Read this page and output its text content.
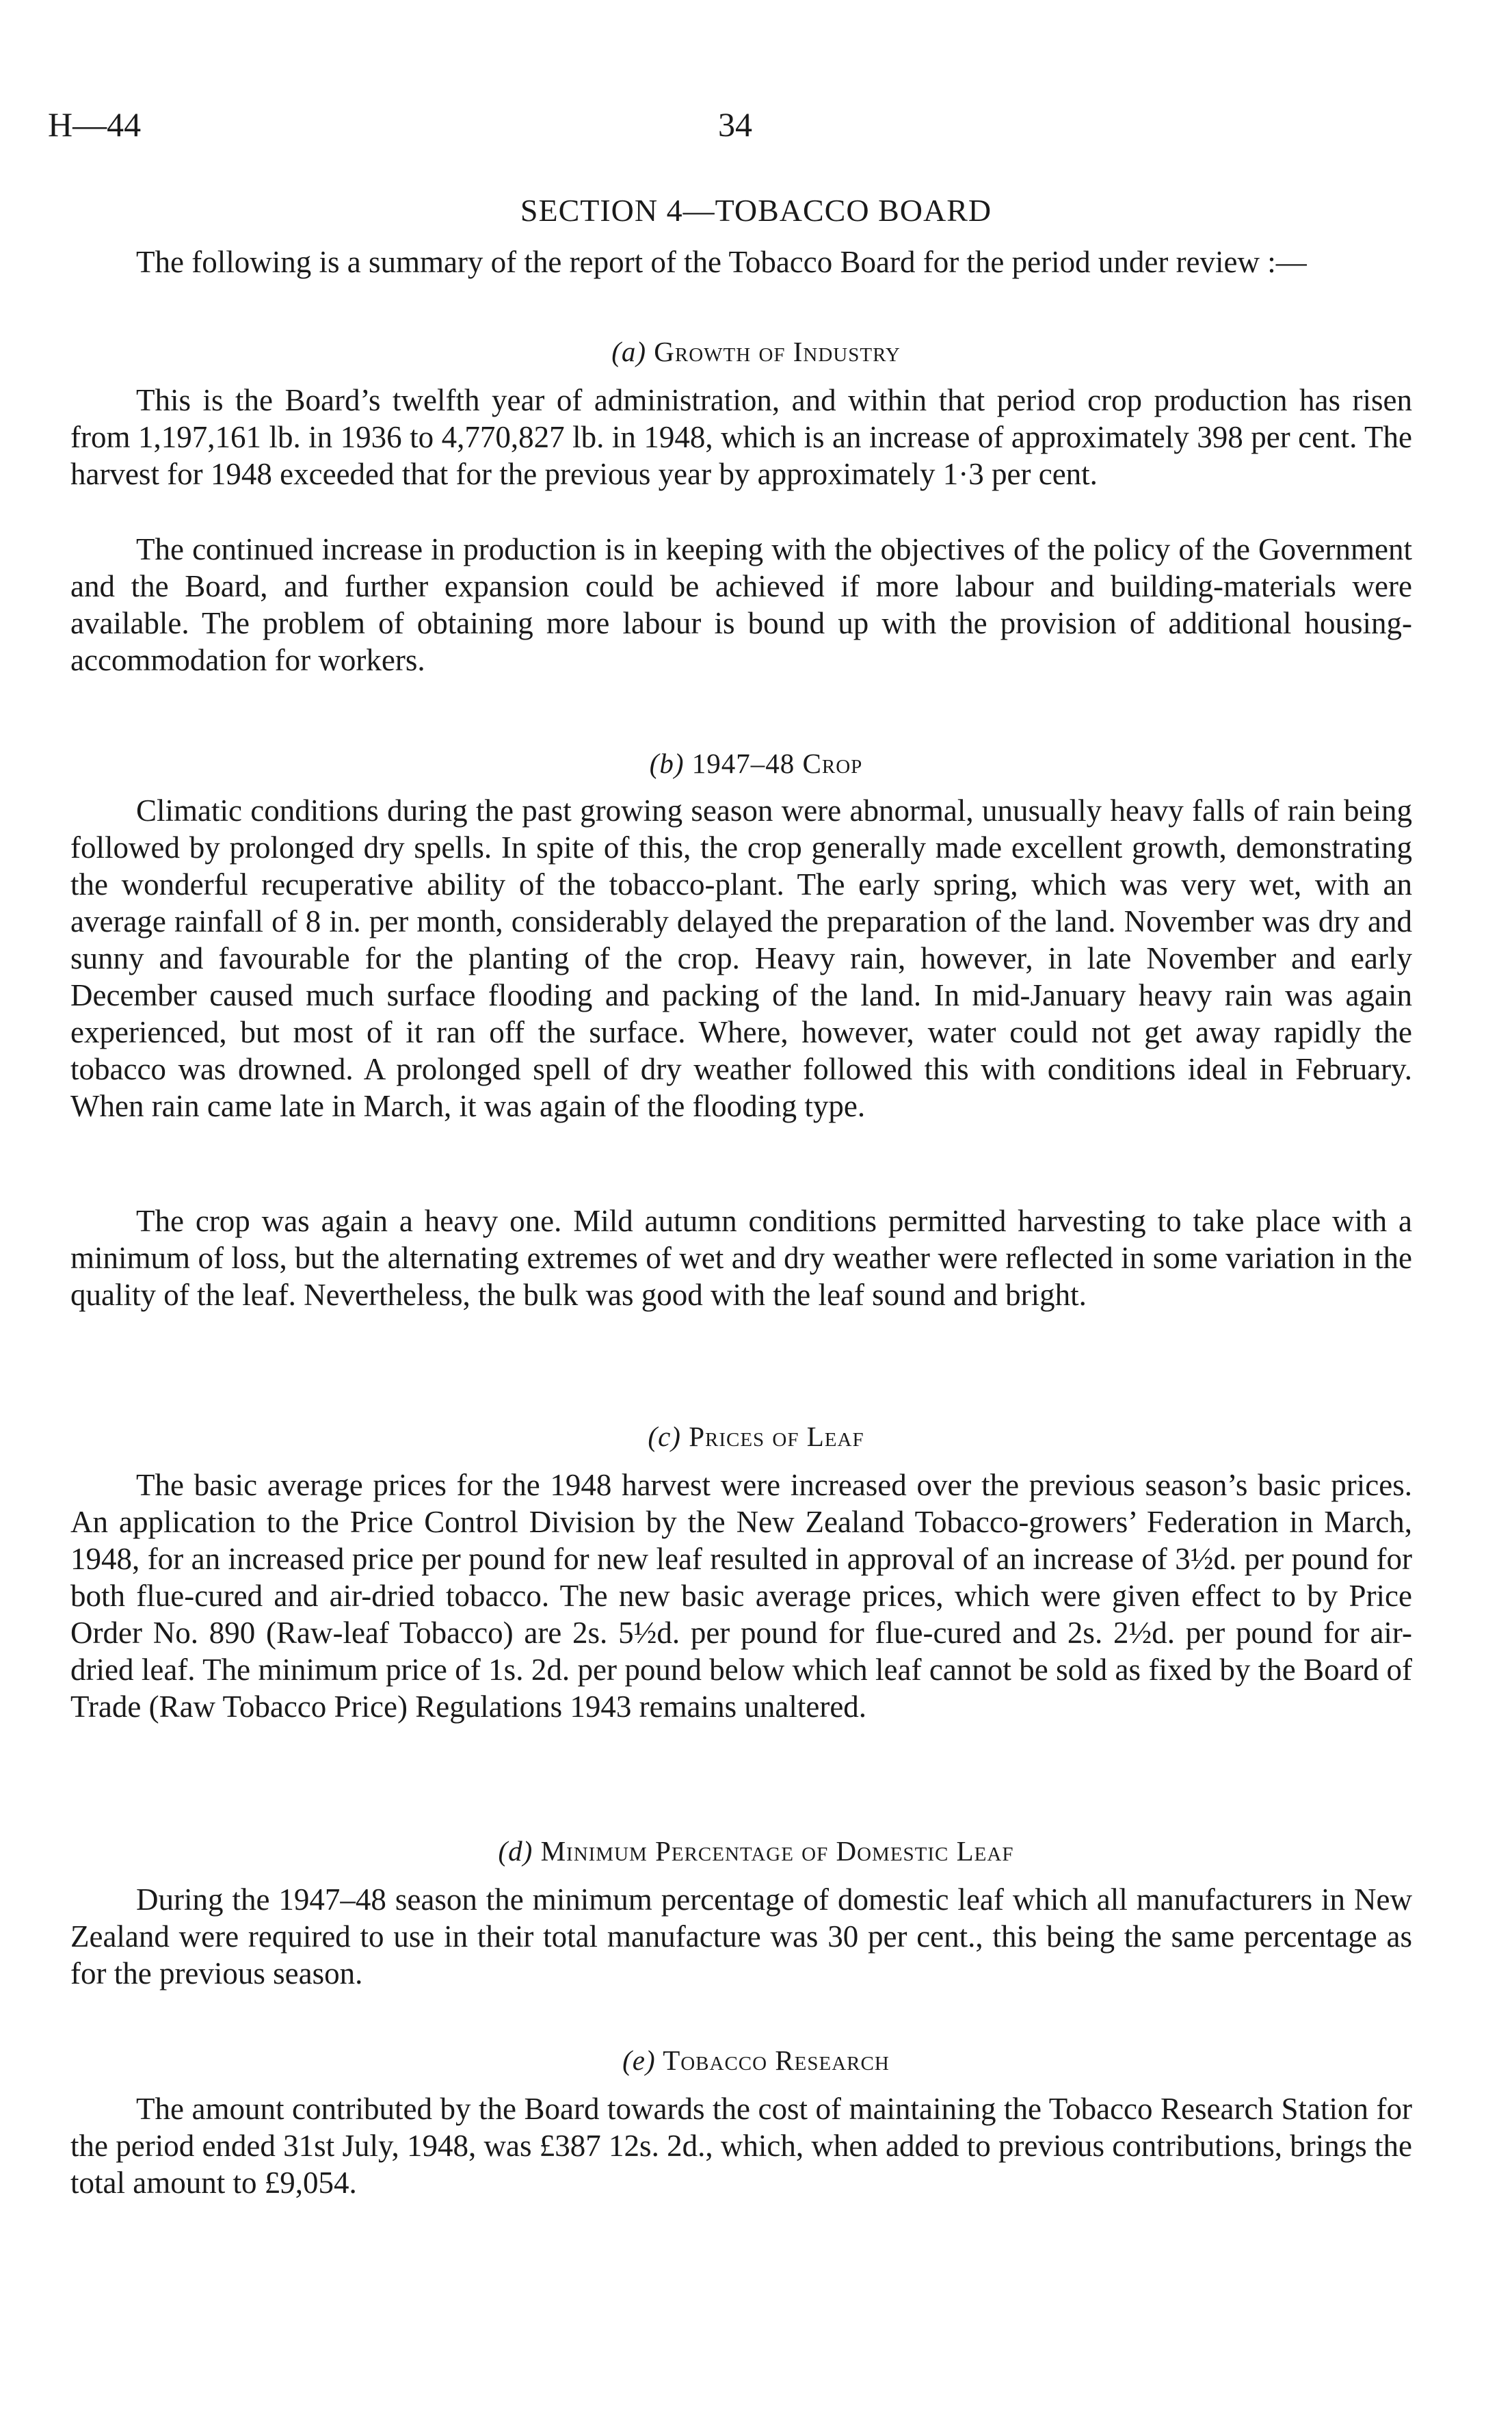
H—44	34
SECTION 4—TOBACCO BOARD

The following is a summary of the report of the Tobacco Board for the period under review :—

(a) Growth of Industry

This is the Board’s twelfth year of administration, and within that period crop production has risen from 1,197,161 lb. in 1936 to 4,770,827 lb. in 1948, which is an increase of approximately 398 per cent. The harvest for 1948 exceeded that for the previous year by approximately 1·3 per cent.

The continued increase in production is in keeping with the objectives of the policy of the Government and the Board, and further expansion could be achieved if more labour and building-materials were available. The problem of obtaining more labour is bound up with the provision of additional housing-accommodation for workers.

(b) 1947–48 Crop

Climatic conditions during the past growing season were abnormal, unusually heavy falls of rain being followed by prolonged dry spells. In spite of this, the crop generally made excellent growth, demonstrating the wonderful recuperative ability of the tobacco-plant. The early spring, which was very wet, with an average rainfall of 8 in. per month, considerably delayed the preparation of the land. November was dry and sunny and favourable for the planting of the crop. Heavy rain, however, in late November and early December caused much surface flooding and packing of the land. In mid-January heavy rain was again experienced, but most of it ran off the surface. Where, however, water could not get away rapidly the tobacco was drowned. A prolonged spell of dry weather followed this with conditions ideal in February. When rain came late in March, it was again of the flooding type.

The crop was again a heavy one. Mild autumn conditions permitted harvesting to take place with a minimum of loss, but the alternating extremes of wet and dry weather were reflected in some variation in the quality of the leaf. Nevertheless, the bulk was good with the leaf sound and bright.

(c) Prices of Leaf

The basic average prices for the 1948 harvest were increased over the previous season’s basic prices. An application to the Price Control Division by the New Zealand Tobacco-growers’ Federation in March, 1948, for an increased price per pound for new leaf resulted in approval of an increase of 3½d. per pound for both flue-cured and air-dried tobacco. The new basic average prices, which were given effect to by Price Order No. 890 (Raw-leaf Tobacco) are 2s. 5½d. per pound for flue-cured and 2s. 2½d. per pound for air-dried leaf. The minimum price of 1s. 2d. per pound below which leaf cannot be sold as fixed by the Board of Trade (Raw Tobacco Price) Regulations 1943 remains unaltered.

(d) Minimum Percentage of Domestic Leaf

During the 1947–48 season the minimum percentage of domestic leaf which all manufacturers in New Zealand were required to use in their total manufacture was 30 per cent., this being the same percentage as for the previous season.

(e) Tobacco Research

The amount contributed by the Board towards the cost of maintaining the Tobacco Research Station for the period ended 31st July, 1948, was £387 12s. 2d., which, when added to previous contributions, brings the total amount to £9,054.
